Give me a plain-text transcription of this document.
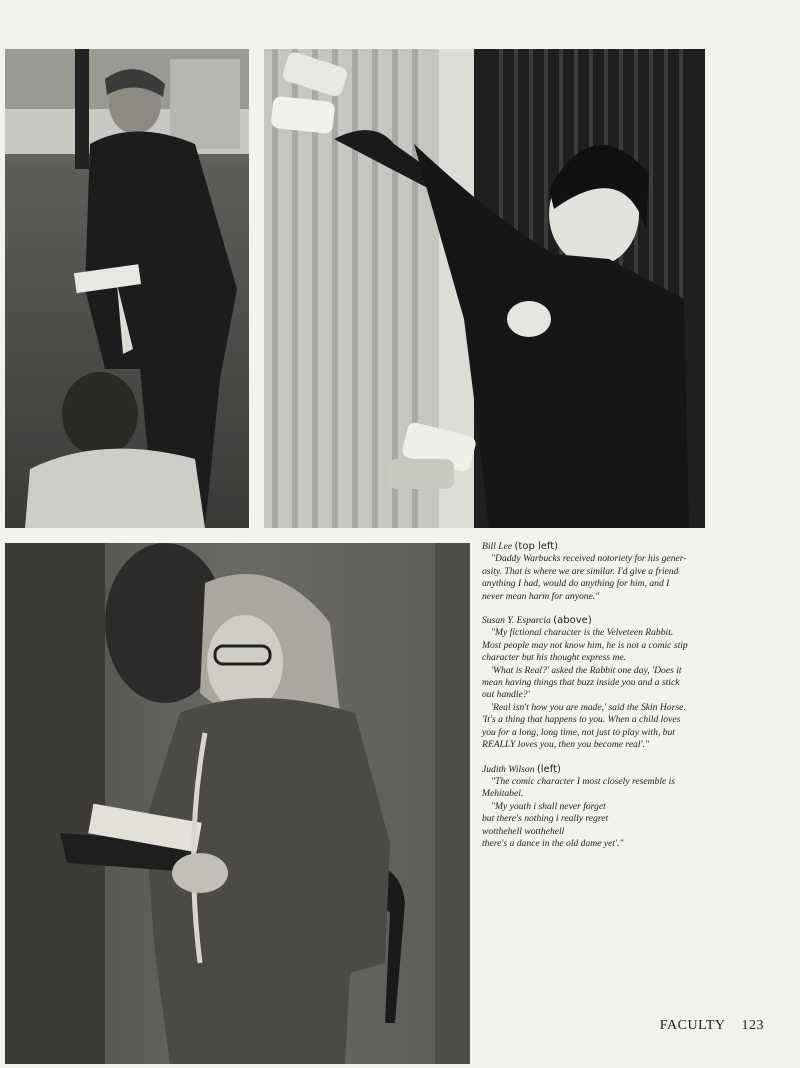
Bill Lee (top left)

"Daddy Warbucks received notoriety for his gener-

osity. That is where we are similar. I'd give a friend

anything I had, would do anything for him, and I

never mean harm for anyone."

Susan Y. Esparcia (above)

"My fictional character is the Velveteen Rabbit.

Most people may not know him, he is not a comic stip

character but his thought express me.

'What is Real?' asked the Rabbit one day, 'Does it

mean having things that buzz inside you and a stick

out handle?'

'Real isn't how you are made,' said the Skin Horse.

'It's a thing that happens to you. When a child loves

you for a long, long time, not just to play with, but

REALLY loves you, then you become real'."

Judith Wilson (left)

"The comic character I most closely resemble is

Mehitabel.

"My youth i shall never forget

but there's nothing i really regret

wotthehell wotthehell

there's a dance in the old dame yet'."

FACULTY 123
